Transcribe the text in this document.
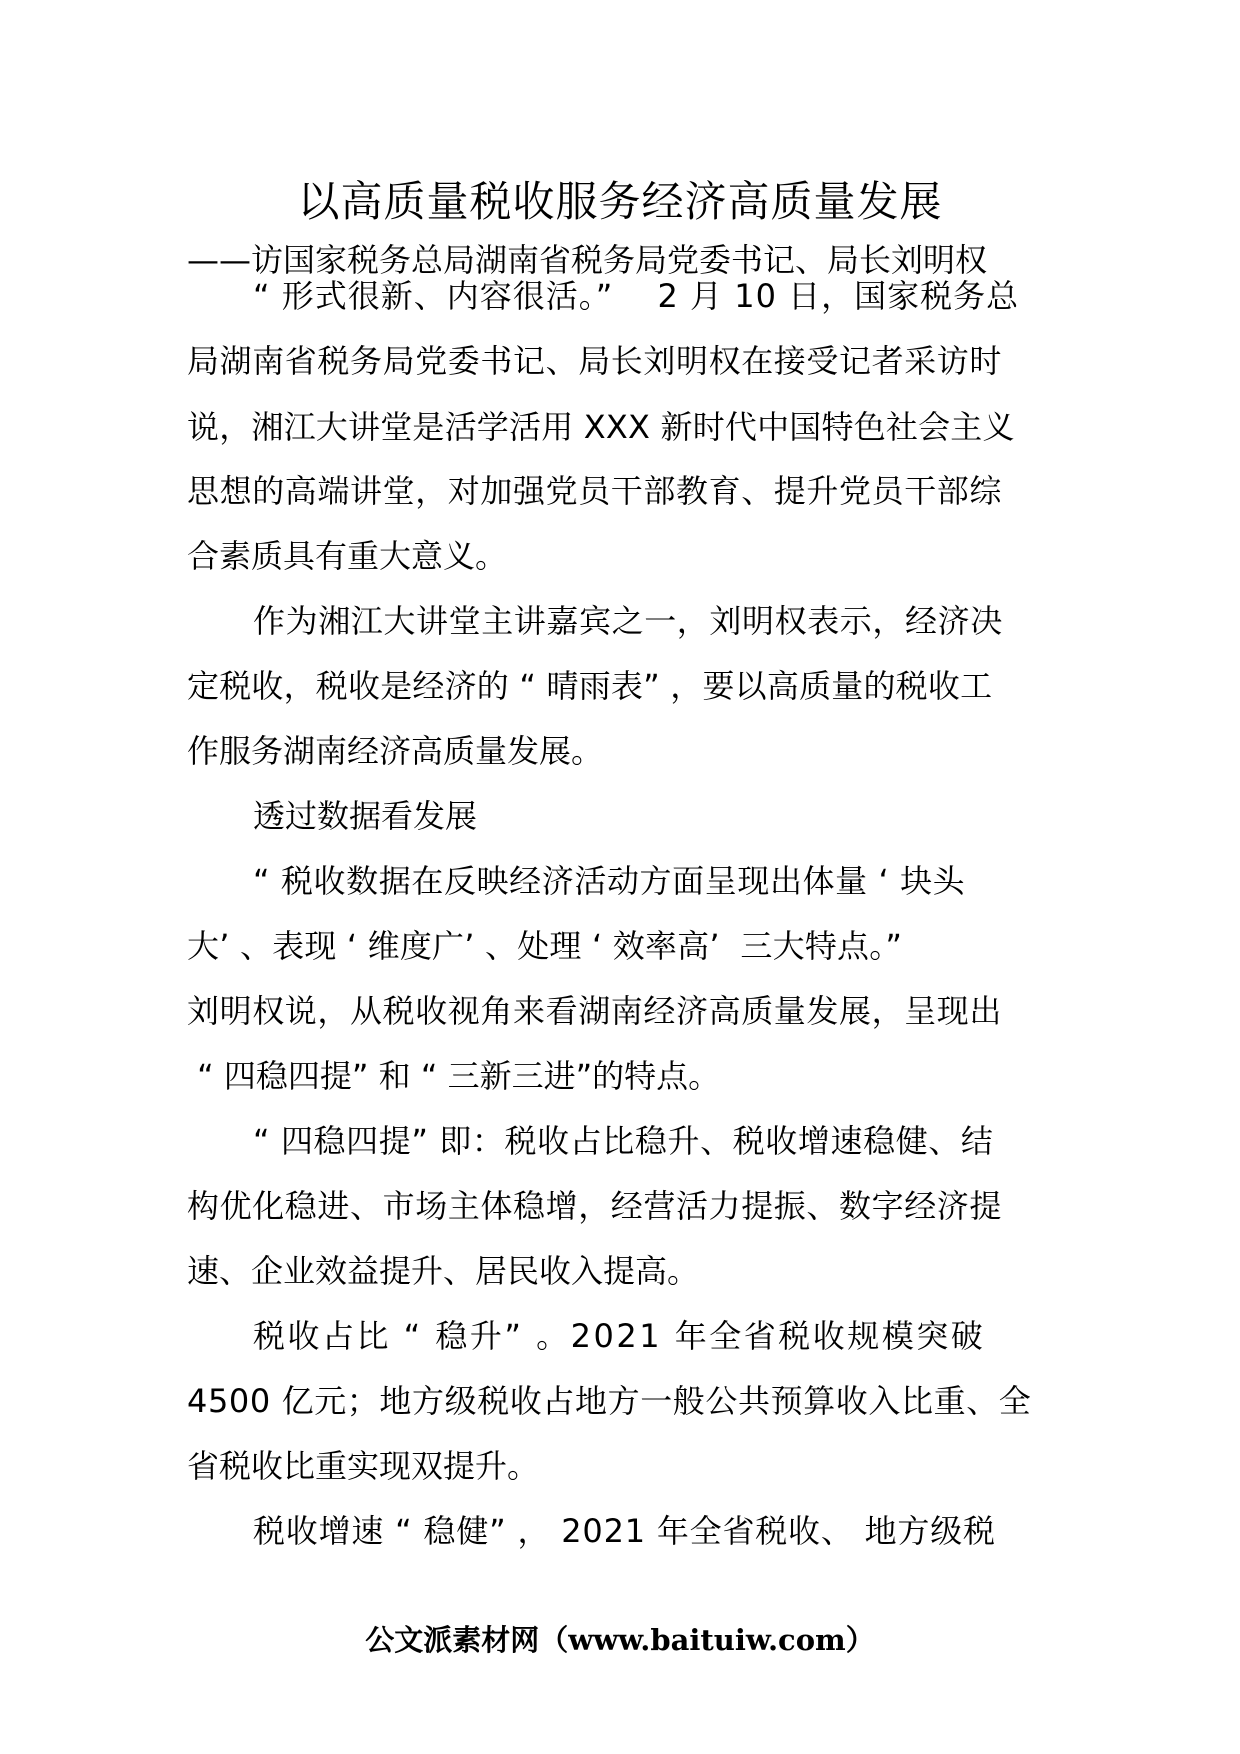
以高质量税收服务经济高质量发展

——访国家税务总局湖南省税务局党委书记、局长刘明权

“ 形式很新、内容很活。” 　2 月 10 日，国家税务总

局湖南省税务局党委书记、局长刘明权在接受记者采访时

说，湘江大讲堂是活学活用 XXX 新时代中国特色社会主义

思想的高端讲堂，对加强党员干部教育、提升党员干部综

合素质具有重大意义。

作为湘江大讲堂主讲嘉宾之一，刘明权表示，经济决

定税收，税收是经济的 “ 晴雨表” ，要以高质量的税收工

作服务湖南经济高质量发展。

透过数据看发展

“ 税收数据在反映经济活动方面呈现出体量 ‘ 块头

大’ 、表现 ‘ 维度广’ 、处理 ‘ 效率高’  三大特点。”

刘明权说，从税收视角来看湖南经济高质量发展，呈现出

“ 四稳四提” 和 “ 三新三进”的特点。

“ 四稳四提” 即：税收占比稳升、税收增速稳健、结

构优化稳进、市场主体稳增，经营活力提振、数字经济提

速、企业效益提升、居民收入提高。

税收占比 “ 稳升” 。2021 年全省税收规模突破

4500 亿元；地方级税收占地方一般公共预算收入比重、全

省税收比重实现双提升。

税收增速 “ 稳健” ， 2021 年全省税收、 地方级税

公文派素材网（www.baituiw.com）
